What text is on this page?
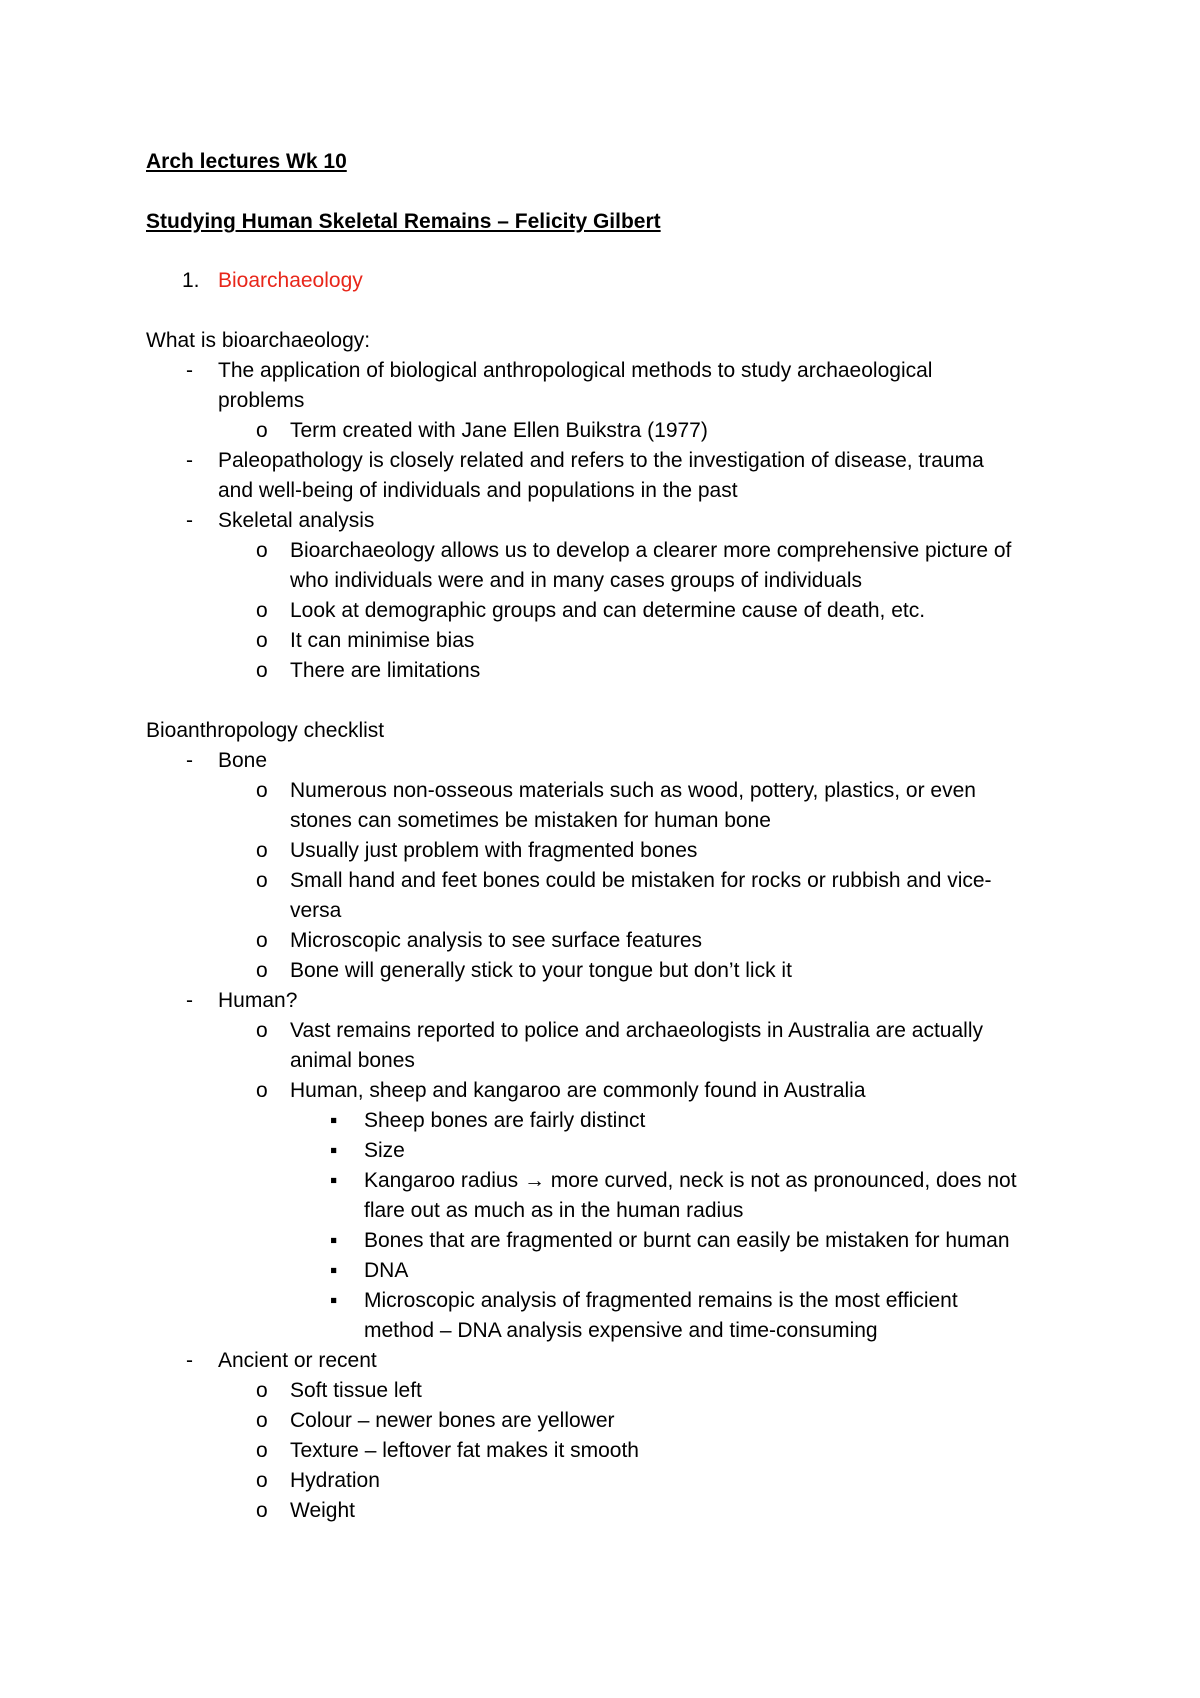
Arch lectures Wk 10
Studying Human Skeletal Remains – Felicity Gilbert
1. Bioarchaeology
What is bioarchaeology:
- The application of biological anthropological methods to study archaeological
problems
o Term created with Jane Ellen Buikstra (1977)
- Paleopathology is closely related and refers to the investigation of disease, trauma
and well-being of individuals and populations in the past
- Skeletal analysis
o Bioarchaeology allows us to develop a clearer more comprehensive picture of
who individuals were and in many cases groups of individuals
o Look at demographic groups and can determine cause of death, etc.
o It can minimise bias
o There are limitations
Bioanthropology checklist
- Bone
o Numerous non-osseous materials such as wood, pottery, plastics, or even
stones can sometimes be mistaken for human bone
o Usually just problem with fragmented bones
o Small hand and feet bones could be mistaken for rocks or rubbish and vice-
versa
o Microscopic analysis to see surface features
o Bone will generally stick to your tongue but don’t lick it
- Human?
o Vast remains reported to police and archaeologists in Australia are actually
animal bones
o Human, sheep and kangaroo are commonly found in Australia
▪ Sheep bones are fairly distinct
▪ Size
▪ Kangaroo radius → more curved, neck is not as pronounced, does not
flare out as much as in the human radius
▪ Bones that are fragmented or burnt can easily be mistaken for human
▪ DNA
▪ Microscopic analysis of fragmented remains is the most efficient
method – DNA analysis expensive and time-consuming
- Ancient or recent
o Soft tissue left
o Colour – newer bones are yellower
o Texture – leftover fat makes it smooth
o Hydration
o Weight
